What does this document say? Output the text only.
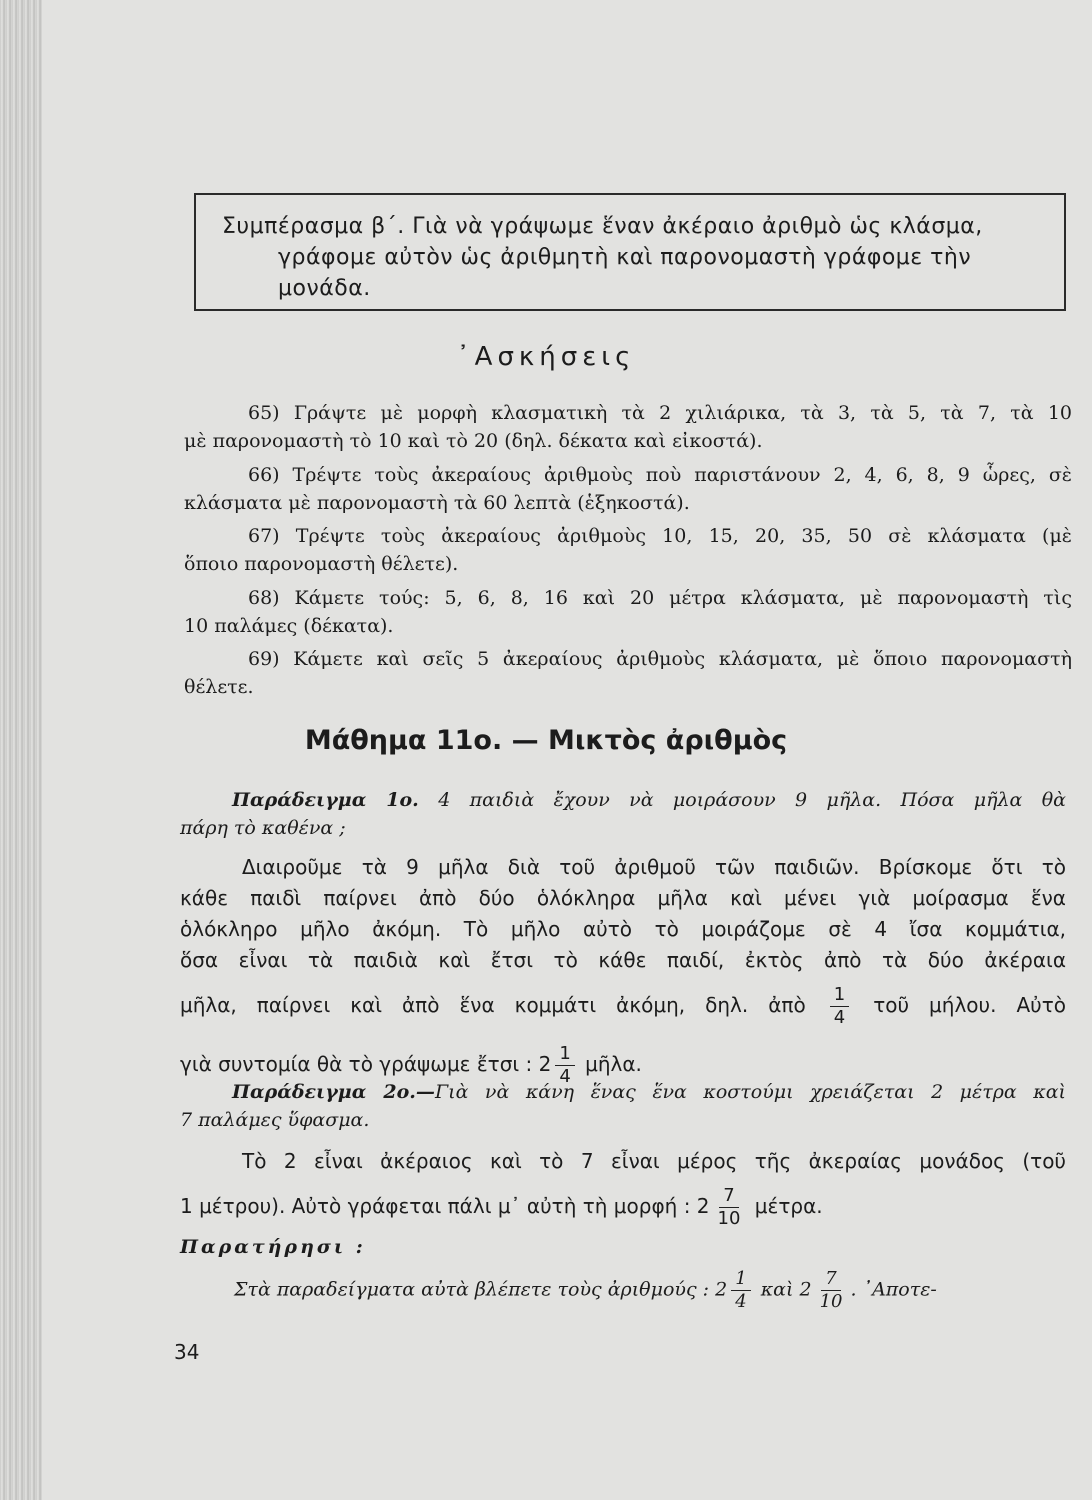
Συμπέρασμα β΄. Γιὰ νὰ γράψωμε ἕναν ἀκέραιο ἀριθμὸ ὡς κλάσμα,
γράφομε αὐτὸν ὡς ἀριθμητὴ καὶ παρονομαστὴ γράφομε τὴν
μονάδα.
᾿Ασκήσεις
65) Γράψτε μὲ μορφὴ κλασματικὴ τὰ 2 χιλιάρικα, τὰ 3, τὰ 5, τὰ 7, τὰ 10
μὲ παρονομαστὴ τὸ 10 καὶ τὸ 20 (δηλ. δέκατα καὶ εἰκοστά).
66) Τρέψτε τοὺς ἀκεραίους ἀριθμοὺς ποὺ παριστάνουν 2, 4, 6, 8, 9 ὧρες, σὲ
κλάσματα μὲ παρονομαστὴ τὰ 60 λεπτὰ (ἑξηκοστά).
67) Τρέψτε τοὺς ἀκεραίους ἀριθμοὺς 10, 15, 20, 35, 50 σὲ κλάσματα (μὲ
ὅποιο παρονομαστὴ θέλετε).
68) Κάμετε τούς: 5, 6, 8, 16 καὶ 20 μέτρα κλάσματα, μὲ παρονομαστὴ τὶς
10 παλάμες (δέκατα).
69) Κάμετε καὶ σεῖς 5 ἀκεραίους ἀριθμοὺς κλάσματα, μὲ ὅποιο παρονομαστὴ
θέλετε.
Μάθημα 11ο. — Μικτὸς ἀριθμὸς
Παράδειγμα 1ο. 4 παιδιὰ ἔχουν νὰ μοιράσουν 9 μῆλα. Πόσα μῆλα θὰ
πάρη τὸ καθένα ;
Διαιροῦμε τὰ 9 μῆλα διὰ τοῦ ἀριθμοῦ τῶν παιδιῶν. Βρίσκομε ὅτι τὸ
κάθε παιδὶ παίρνει ἀπὸ δύο ὁλόκληρα μῆλα καὶ μένει γιὰ μοίρασμα ἕνα
ὁλόκληρο μῆλο ἀκόμη. Τὸ μῆλο αὐτὸ τὸ μοιράζομε σὲ 4 ἴσα κομμάτια,
ὅσα εἶναι τὰ παιδιὰ καὶ ἔτσι τὸ κάθε παιδί, ἐκτὸς ἀπὸ τὰ δύο ἀκέραια
μῆλα, παίρνει καὶ ἀπὸ ἕνα κομμάτι ἀκόμη, δηλ. ἀπὸ $\frac{1}{4}$ τοῦ μήλου. Αὐτὸ
γιὰ συντομία θὰ τὸ γράψωμε ἔτσι : $2 \frac{1}{4}$ μῆλα.
Παράδειγμα 2ο.—Γιὰ νὰ κάνη ἕνας ἕνα κοστούμι χρειάζεται 2 μέτρα καὶ
7 παλάμες ὕφασμα.
Τὸ 2 εἶναι ἀκέραιος καὶ τὸ 7 εἶναι μέρος τῆς ἀκεραίας μονάδος (τοῦ
1 μέτρου). Αὐτὸ γράφεται πάλι μ᾿ αὐτὴ τὴ μορφή : $2 \frac{7}{10} \mu έ\tau\rho\alpha$.
Παρατήρησι :
Στὰ παραδείγματα αὐτὰ βλέπετε τοὺς ἀριθμούς : $2 \frac{1}{4}$ καὶ $2 \frac{7}{10}$ . ᾿Αποτε-
34
